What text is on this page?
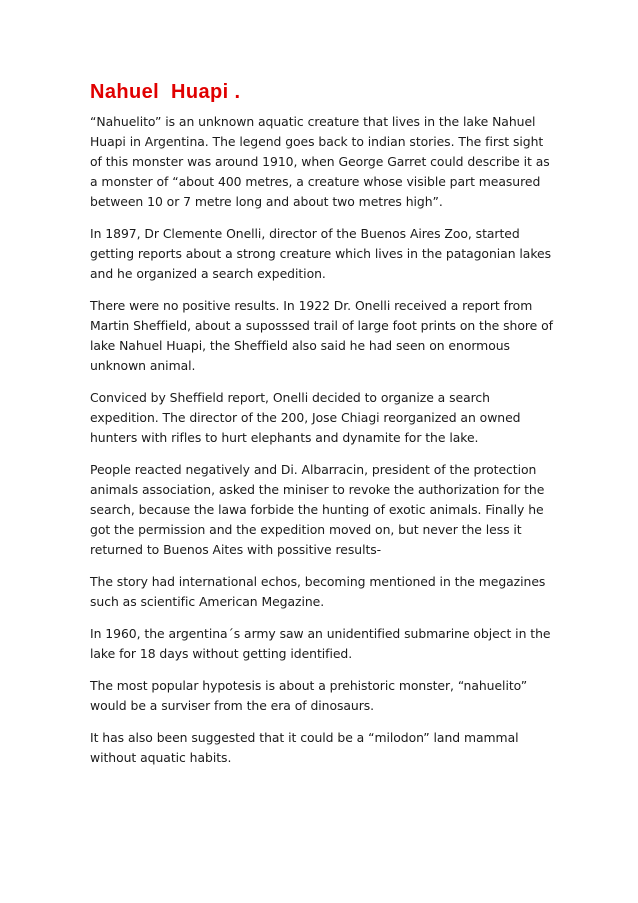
Nahuel  Huapi .

“Nahuelito” is an unknown aquatic creature that lives in the lake Nahuel
Huapi in Argentina. The legend goes back to indian stories. The first sight
of this monster was around 1910, when George Garret could describe it as
a monster of “about 400 metres, a creature whose visible part measured
between 10 or 7 metre long and about two metres high”.

In 1897, Dr Clemente Onelli, director of the Buenos Aires Zoo, started
getting reports about a strong creature which lives in the patagonian lakes
and he organized a search expedition.

There were no positive results. In 1922 Dr. Onelli received a report from
Martin Sheffield, about a suposssed trail of large foot prints on the shore of
lake Nahuel Huapi, the Sheffield also said he had seen on enormous
unknown animal.

Conviced by Sheffield report, Onelli decided to organize a search
expedition. The director of the 200, Jose Chiagi reorganized an owned
hunters with rifles to hurt elephants and dynamite for the lake.

People reacted negatively and Di. Albarracin, president of the protection
animals association, asked the miniser to revoke the authorization for the
search, because the lawa forbide the hunting of exotic animals. Finally he
got the permission and the expedition moved on, but never the less it
returned to Buenos Aites with possitive results-

The story had international echos, becoming mentioned in the megazines
such as scientific American Megazine.

In 1960, the argentina´s army saw an unidentified submarine object in the
lake for 18 days without getting identified.

The most popular hypotesis is about a prehistoric monster, “nahuelito”
would be a surviser from the era of dinosaurs.

It has also been suggested that it could be a “milodon” land mammal
without aquatic habits.
